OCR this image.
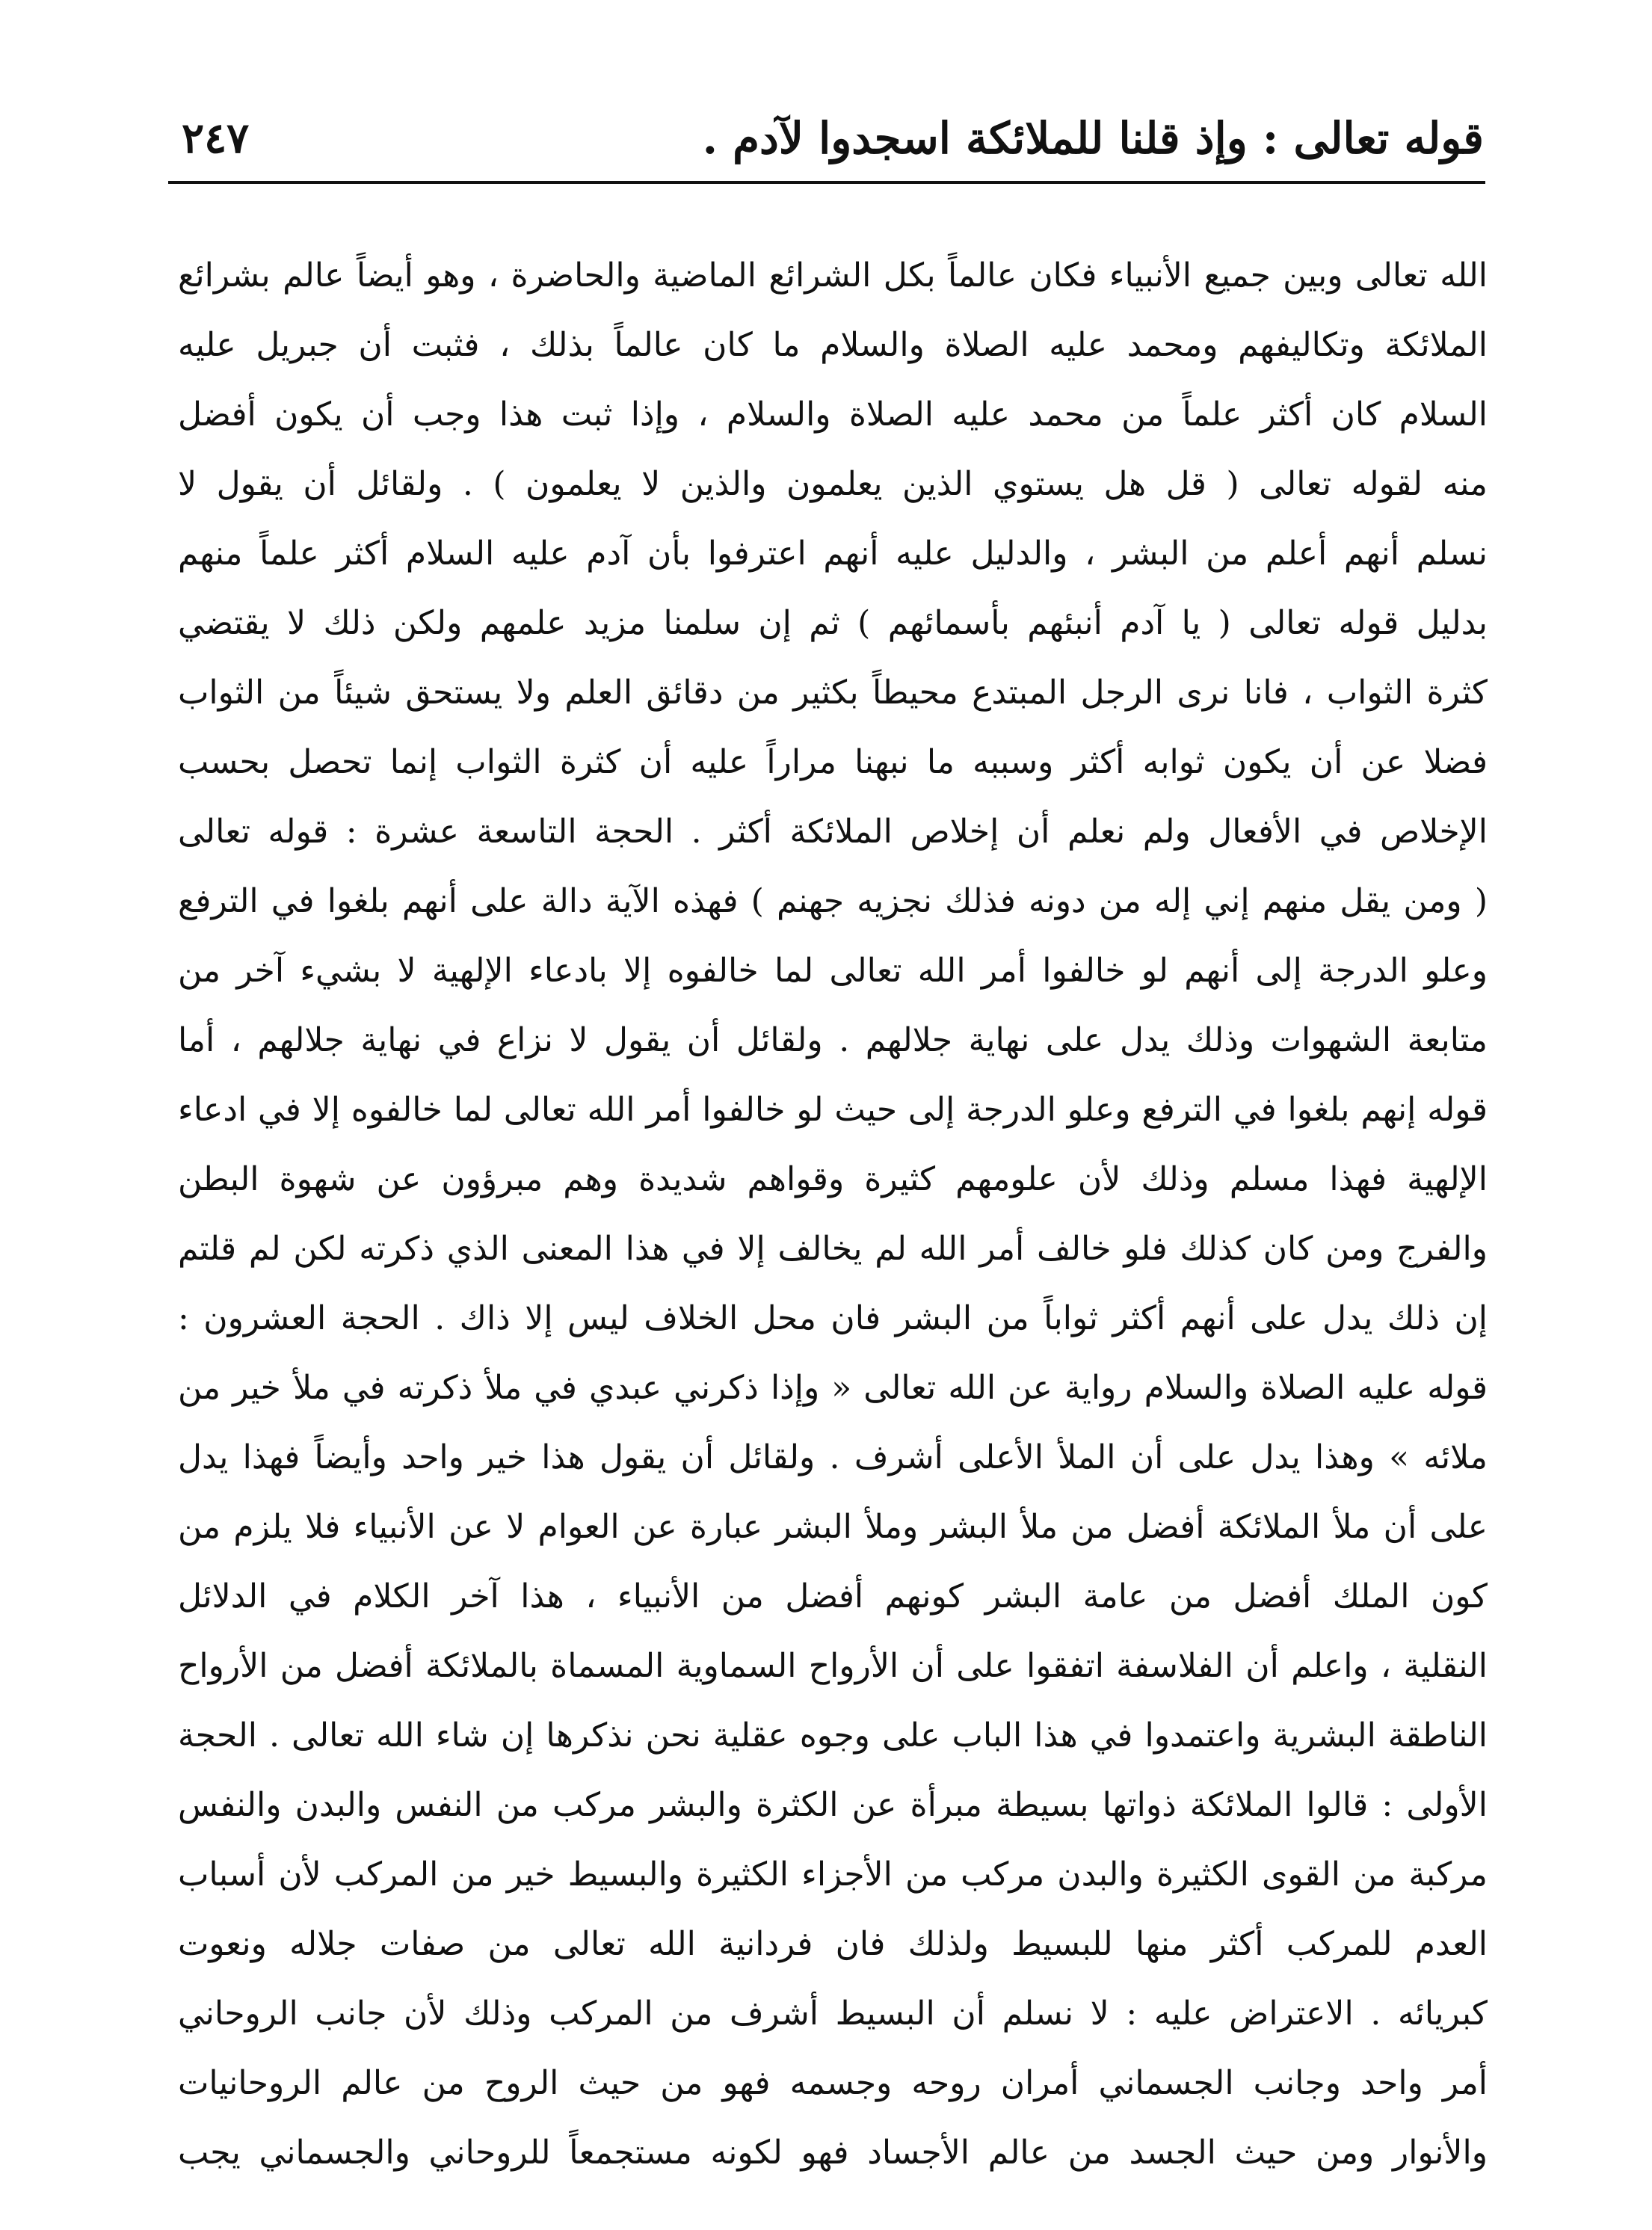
قوله تعالى : وإذ قلنا للملائكة اسجدوا لآدم .
٢٤٧
الله تعالى وبين جميع الأنبياء فكان عالماً بكل الشرائع الماضية والحاضرة ، وهو أيضاً عالم بشرائع
الملائكة وتكاليفهم ومحمد عليه الصلاة والسلام ما كان عالماً بذلك ، فثبت أن جبريل عليه
السلام كان أكثر علماً من محمد عليه الصلاة والسلام ، وإذا ثبت هذا وجب أن يكون أفضل
منه لقوله تعالى ( قل هل يستوي الذين يعلمون والذين لا يعلمون ) . ولقائل أن يقول لا
نسلم أنهم أعلم من البشر ، والدليل عليه أنهم اعترفوا بأن آدم عليه السلام أكثر علماً منهم
بدليل قوله تعالى ( يا آدم أنبئهم بأسمائهم ) ثم إن سلمنا مزيد علمهم ولكن ذلك لا يقتضي
كثرة الثواب ، فانا نرى الرجل المبتدع محيطاً بكثير من دقائق العلم ولا يستحق شيئاً من الثواب
فضلا عن أن يكون ثوابه أكثر وسببه ما نبهنا مراراً عليه أن كثرة الثواب إنما تحصل بحسب
الإخلاص في الأفعال ولم نعلم أن إخلاص الملائكة أكثر . الحجة التاسعة عشرة : قوله تعالى
( ومن يقل منهم إني إله من دونه فذلك نجزيه جهنم ) فهذه الآية دالة على أنهم بلغوا في الترفع
وعلو الدرجة إلى أنهم لو خالفوا أمر الله تعالى لما خالفوه إلا بادعاء الإلهية لا بشيء آخر من
متابعة الشهوات وذلك يدل على نهاية جلالهم . ولقائل أن يقول لا نزاع في نهاية جلالهم ، أما
قوله إنهم بلغوا في الترفع وعلو الدرجة إلى حيث لو خالفوا أمر الله تعالى لما خالفوه إلا في ادعاء
الإلهية فهذا مسلم وذلك لأن علومهم كثيرة وقواهم شديدة وهم مبرؤون عن شهوة البطن
والفرج ومن كان كذلك فلو خالف أمر الله لم يخالف إلا في هذا المعنى الذي ذكرته لكن لم قلتم
إن ذلك يدل على أنهم أكثر ثواباً من البشر فان محل الخلاف ليس إلا ذاك . الحجة العشرون :
قوله عليه الصلاة والسلام رواية عن الله تعالى « وإذا ذكرني عبدي في ملأ ذكرته في ملأ خير من
ملائه » وهذا يدل على أن الملأ الأعلى أشرف . ولقائل أن يقول هذا خير واحد وأيضاً فهذا يدل
على أن ملأ الملائكة أفضل من ملأ البشر وملأ البشر عبارة عن العوام لا عن الأنبياء فلا يلزم من
كون الملك أفضل من عامة البشر كونهم أفضل من الأنبياء ، هذا آخر الكلام في الدلائل
النقلية ، واعلم أن الفلاسفة اتفقوا على أن الأرواح السماوية المسماة بالملائكة أفضل من الأرواح
الناطقة البشرية واعتمدوا في هذا الباب على وجوه عقلية نحن نذكرها إن شاء الله تعالى . الحجة
الأولى : قالوا الملائكة ذواتها بسيطة مبرأة عن الكثرة والبشر مركب من النفس والبدن والنفس
مركبة من القوى الكثيرة والبدن مركب من الأجزاء الكثيرة والبسيط خير من المركب لأن أسباب
العدم للمركب أكثر منها للبسيط ولذلك فان فردانية الله تعالى من صفات جلاله ونعوت
كبريائه . الاعتراض عليه : لا نسلم أن البسيط أشرف من المركب وذلك لأن جانب الروحاني
أمر واحد وجانب الجسماني أمران روحه وجسمه فهو من حيث الروح من عالم الروحانيات
والأنوار ومن حيث الجسد من عالم الأجساد فهو لكونه مستجمعاً للروحاني والجسماني يجب
